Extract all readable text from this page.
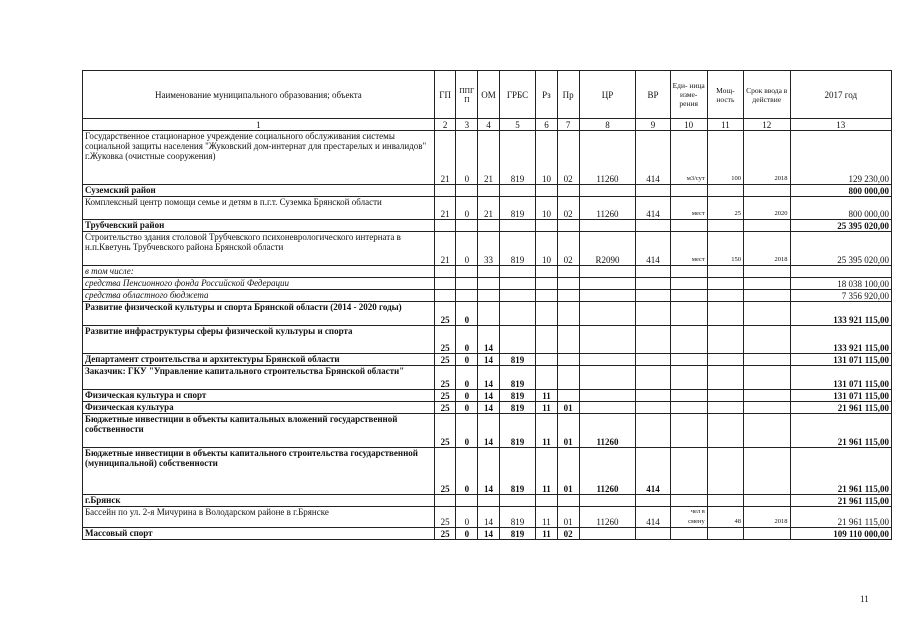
Наименование муниципального образования; объекта	ГП	ППГ П	ОМ	ГРБС	Рз	Пр	ЦР	ВР	Еди- ница изме- рения	Мощ- ность	Срок ввода в действие	2017 год
1	2	3	4	5	6	7	8	9	10	11	12	13
Государственное стационарное учреждение социального обслуживания системы социальной защиты населения "Жуковский дом-интернат для престарелых и инвалидов" г.Жуковка (очистные сооружения)	21	0	21	819	10	02	11260	414	м3/сут	100	2018	129 230,00
Суземский район												800 000,00
Комплексный центр помощи семье и детям в п.г.т. Суземка Брянской области	21	0	21	819	10	02	11260	414	мест	25	2020	800 000,00
Трубчевский район												25 395 020,00
Строительство здания столовой Трубчевского психоневрологического интерната в н.п.Кветунь Трубчевского района Брянской области	21	0	33	819	10	02	R2090	414	мест	150	2018	25 395 020,00
в том числе:												
средства Пенсионного фонда Российской Федерации												18 038 100,00
средства областного бюджета												7 356 920,00
Развитие физической культуры и спорта Брянской области (2014 - 2020 годы)	25	0										133 921 115,00
Развитие инфраструктуры сферы физической культуры и спорта	25	0	14									133 921 115,00
Департамент строительства и архитектуры Брянской области	25	0	14	819								131 071 115,00
Заказчик: ГКУ "Управление капитального строительства Брянской области"	25	0	14	819								131 071 115,00
Физическая культура и спорт	25	0	14	819	11							131 071 115,00
Физическая культура	25	0	14	819	11	01						21 961 115,00
Бюджетные инвестиции в объекты капитальных вложений государственной собственности	25	0	14	819	11	01	11260					21 961 115,00
Бюджетные инвестиции в объекты капитального строительства государственной (муниципальной) собственности	25	0	14	819	11	01	11260	414				21 961 115,00
г.Брянск												21 961 115,00
Бассейн по ул. 2-я Мичурина в Володарском районе в г.Брянске	25	0	14	819	11	01	11260	414	чел в смену	48	2018	21 961 115,00
Массовый спорт	25	0	14	819	11	02						109 110 000,00
11
